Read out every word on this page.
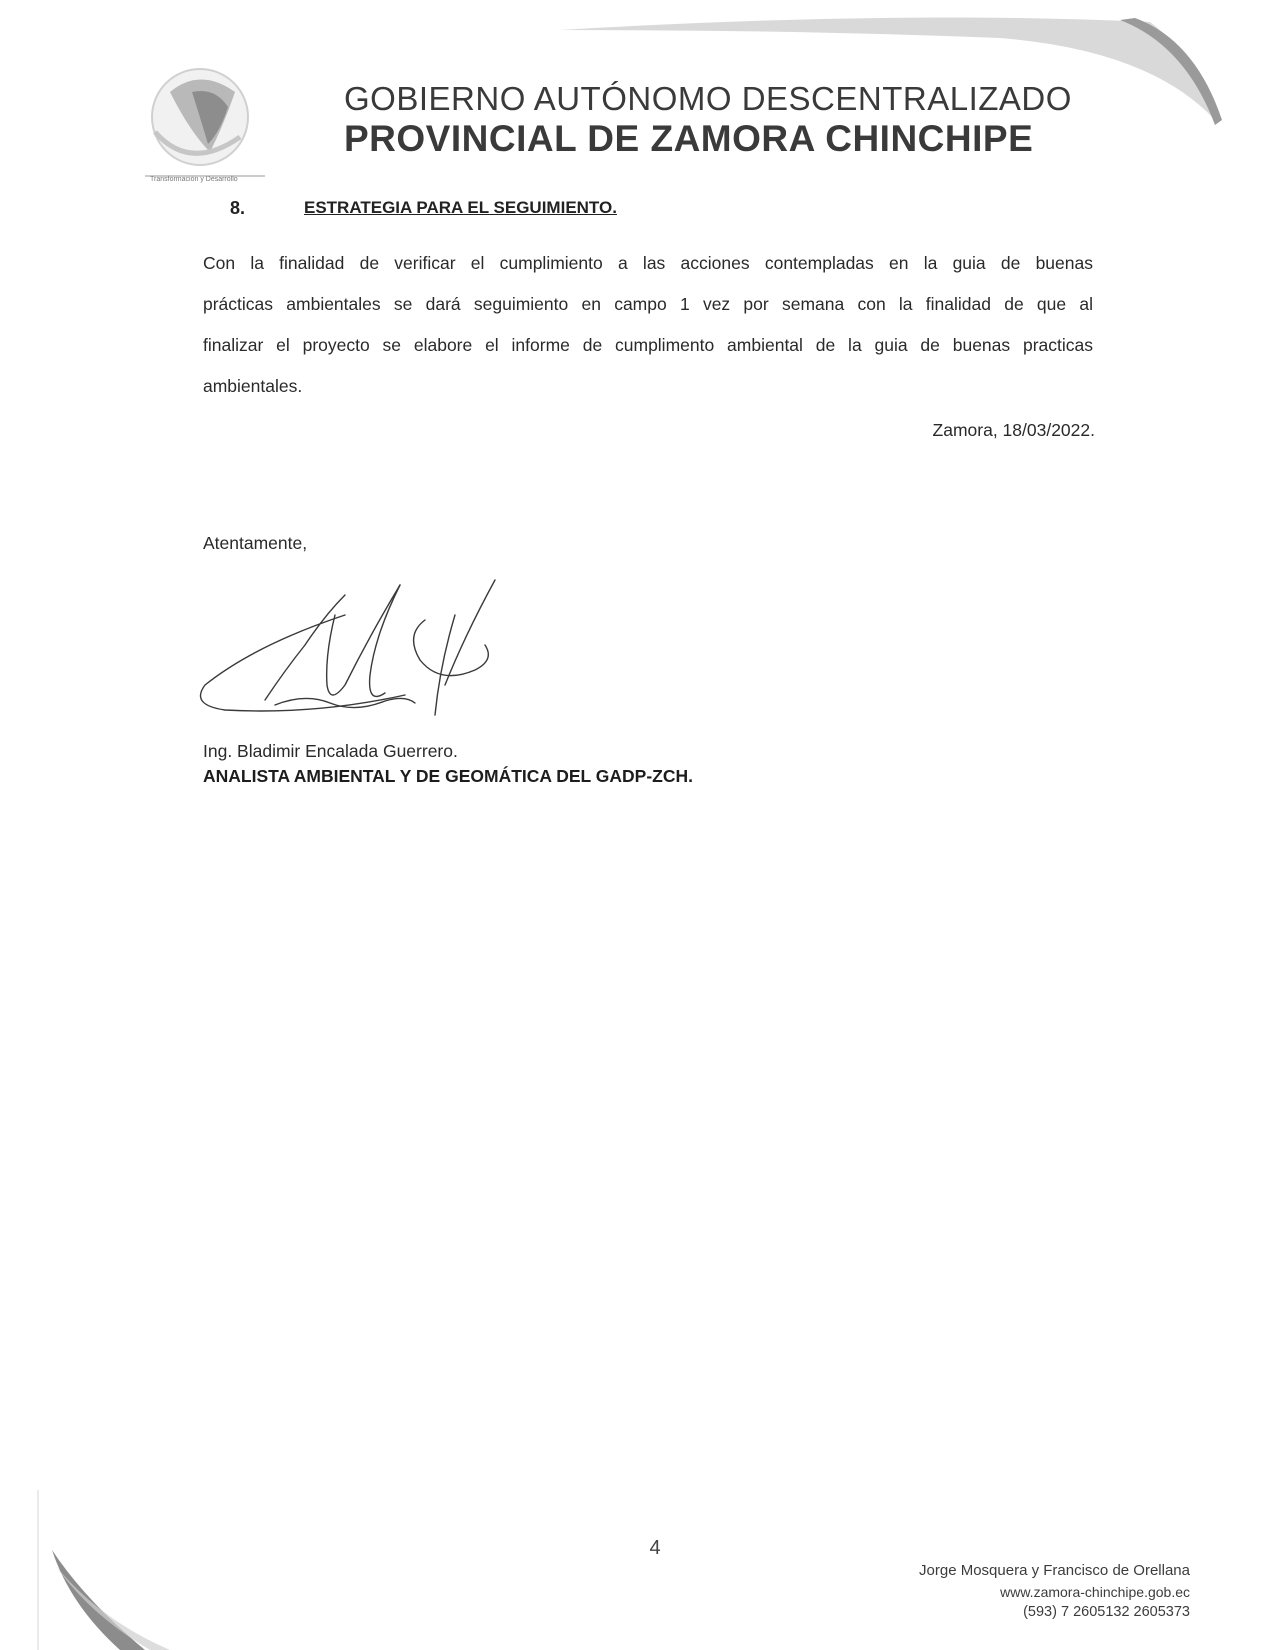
Transformación y Desarrollo
GOBIERNO AUTÓNOMO DESCENTRALIZADO
PROVINCIAL DE ZAMORA CHINCHIPE
8.	ESTRATEGIA PARA EL SEGUIMIENTO.
Con la finalidad de verificar el cumplimiento a las acciones contempladas en la guia de buenas
prácticas ambientales se dará seguimiento en campo 1 vez por semana con la finalidad de que al
finalizar el proyecto se elabore el informe de cumplimento ambiental de la guia de buenas practicas
ambientales.
Zamora, 18/03/2022.
Atentamente,
Ing. Bladimir Encalada Guerrero.
ANALISTA AMBIENTAL Y DE GEOMÁTICA DEL GADP-ZCH.
4
Jorge Mosquera y Francisco de Orellana
www.zamora-chinchipe.gob.ec
(593) 7 2605132 2605373
